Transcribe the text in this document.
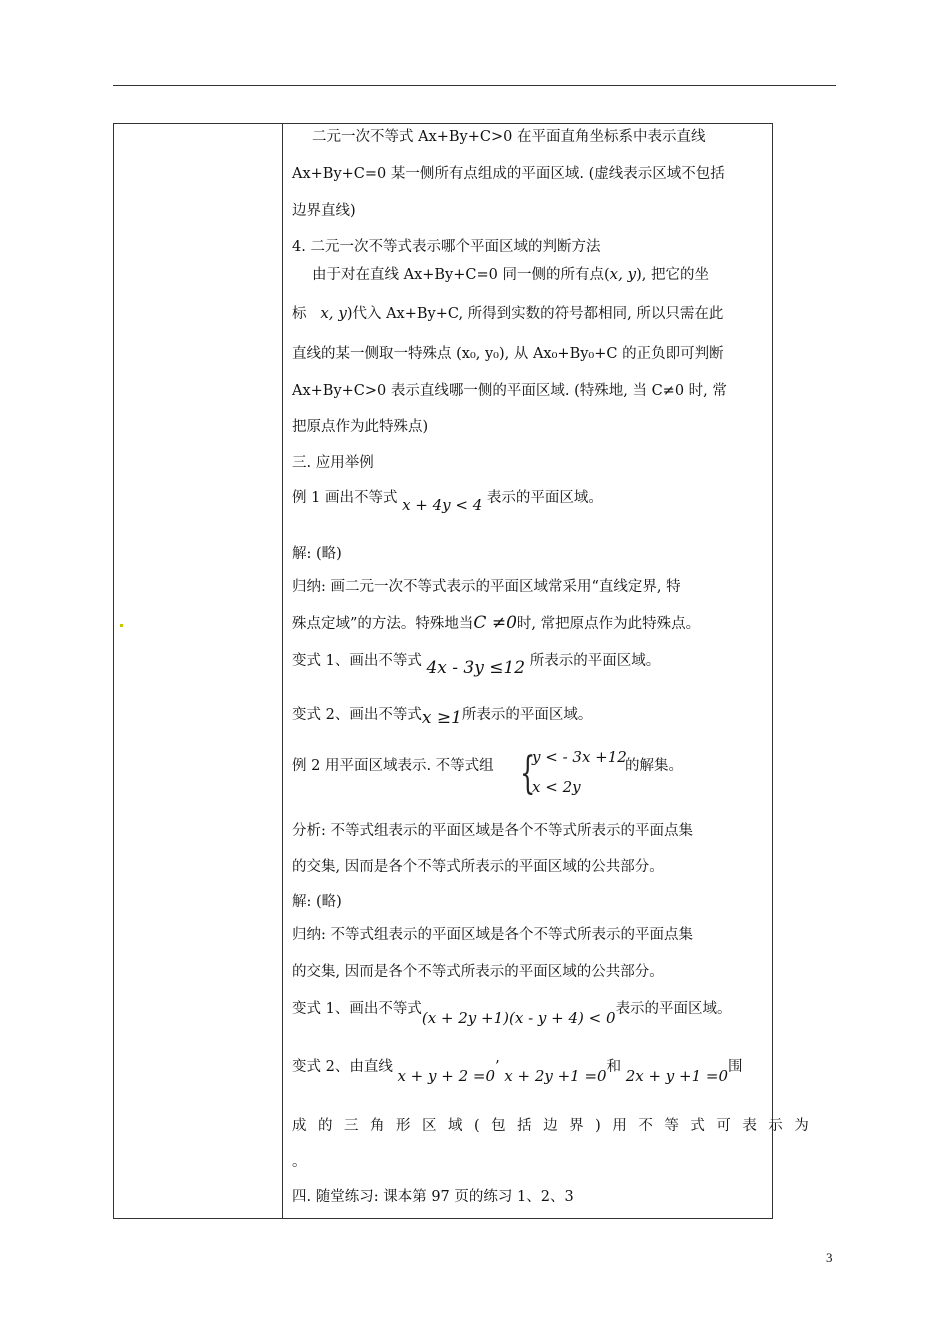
二元一次不等式 Ax+By+C>0 在平面直角坐标系中表示直线
Ax+By+C=0 某一侧所有点组成的平面区域. (虚线表示区域不包括
边界直线)
4. 二元一次不等式表示哪个平面区域的判断方法
由于对在直线 Ax+By+C=0 同一侧的所有点(x, y), 把它的坐
标 x, y)代入 Ax+By+C, 所得到实数的符号都相同, 所以只需在此
直线的某一侧取一特殊点 (x₀, y₀), 从 Ax₀+By₀+C 的正负即可判断
Ax+By+C>0 表示直线哪一侧的平面区域. (特殊地, 当 C≠0 时, 常
把原点作为此特殊点)
三. 应用举例
例 1 画出不等式 x + 4y < 4 表示的平面区域。
解: (略)
归纳: 画二元一次不等式表示的平面区域常采用“直线定界, 特
殊点定域”的方法。特殊地当C ≠0时, 常把原点作为此特殊点。
变式 1、画出不等式 4x - 3y ≤12 所表示的平面区域。
变式 2、画出不等式x ≥1所表示的平面区域。
例 2 用平面区域表示. 不等式组 {
y < - 3x +12
x < 2y
的解集。
分析: 不等式组表示的平面区域是各个不等式所表示的平面点集
的交集, 因而是各个不等式所表示的平面区域的公共部分。
解: (略)
归纳: 不等式组表示的平面区域是各个不等式所表示的平面点集
的交集, 因而是各个不等式所表示的平面区域的公共部分。
变式 1、画出不等式(x + 2y +1)(x - y + 4) < 0表示的平面区域。
变式 2、由直线 x + y + 2 =0’ x + 2y +1 =0和 2x + y +1 =0围
成的三角形区域(包括边界)用不等式可表示为
。
四. 随堂练习: 课本第 97 页的练习 1、2、3
3
